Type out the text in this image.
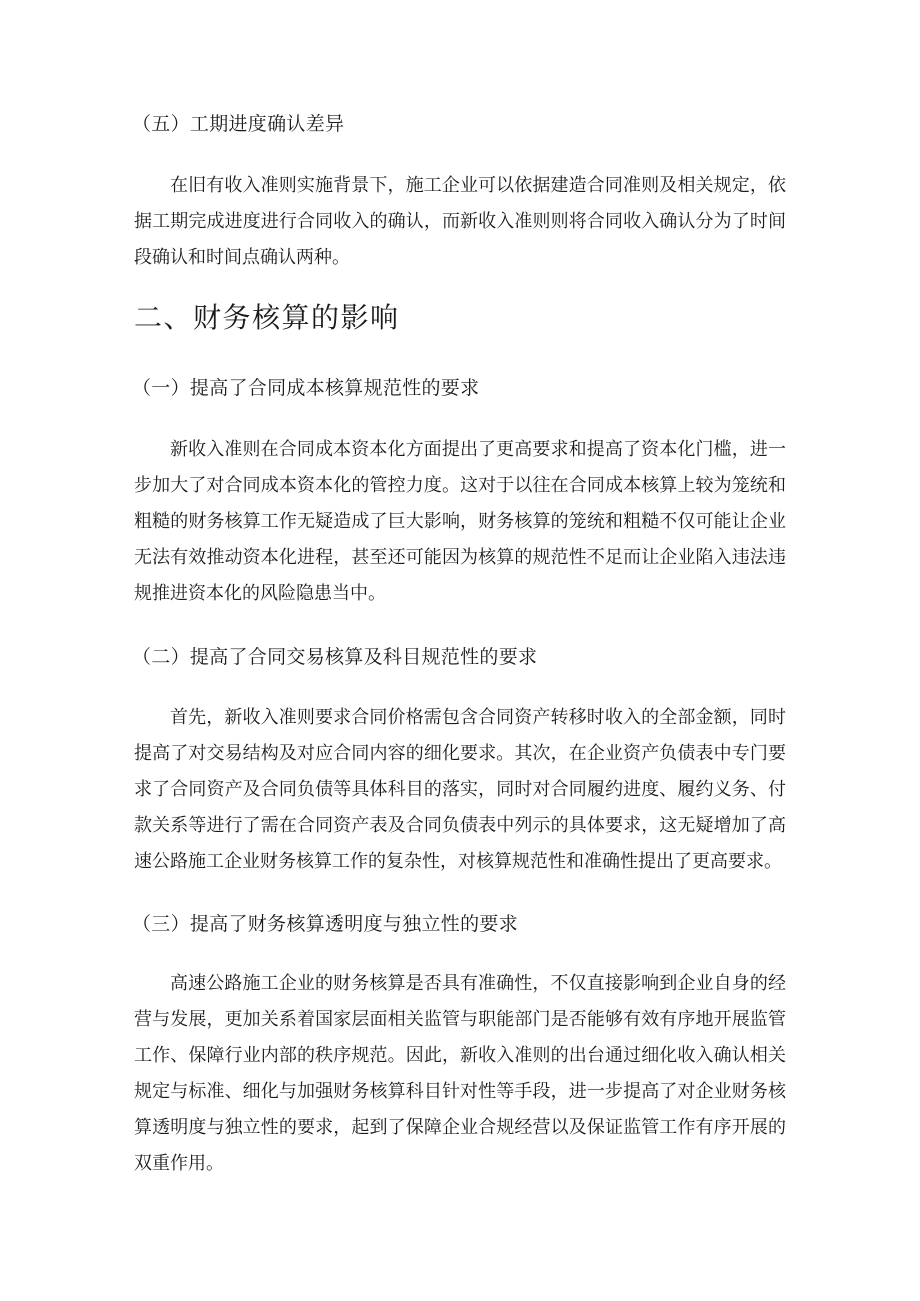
（五）工期进度确认差异

在旧有收入准则实施背景下，施工企业可以依据建造合同准则及相关规定，依据工期完成进度进行合同收入的确认，而新收入准则则将合同收入确认分为了时间段确认和时间点确认两种。

二、财务核算的影响
（一）提高了合同成本核算规范性的要求

新收入准则在合同成本资本化方面提出了更高要求和提高了资本化门槛，进一步加大了对合同成本资本化的管控力度。这对于以往在合同成本核算上较为笼统和粗糙的财务核算工作无疑造成了巨大影响，财务核算的笼统和粗糙不仅可能让企业无法有效推动资本化进程，甚至还可能因为核算的规范性不足而让企业陷入违法违规推进资本化的风险隐患当中。

（二）提高了合同交易核算及科目规范性的要求

首先，新收入准则要求合同价格需包含合同资产转移时收入的全部金额，同时提高了对交易结构及对应合同内容的细化要求。其次，在企业资产负债表中专门要求了合同资产及合同负债等具体科目的落实，同时对合同履约进度、履约义务、付款关系等进行了需在合同资产表及合同负债表中列示的具体要求，这无疑增加了高速公路施工企业财务核算工作的复杂性，对核算规范性和准确性提出了更高要求。

（三）提高了财务核算透明度与独立性的要求

高速公路施工企业的财务核算是否具有准确性，不仅直接影响到企业自身的经营与发展，更加关系着国家层面相关监管与职能部门是否能够有效有序地开展监管工作、保障行业内部的秩序规范。因此，新收入准则的出台通过细化收入确认相关规定与标准、细化与加强财务核算科目针对性等手段，进一步提高了对企业财务核算透明度与独立性的要求，起到了保障企业合规经营以及保证监管工作有序开展的双重作用。
